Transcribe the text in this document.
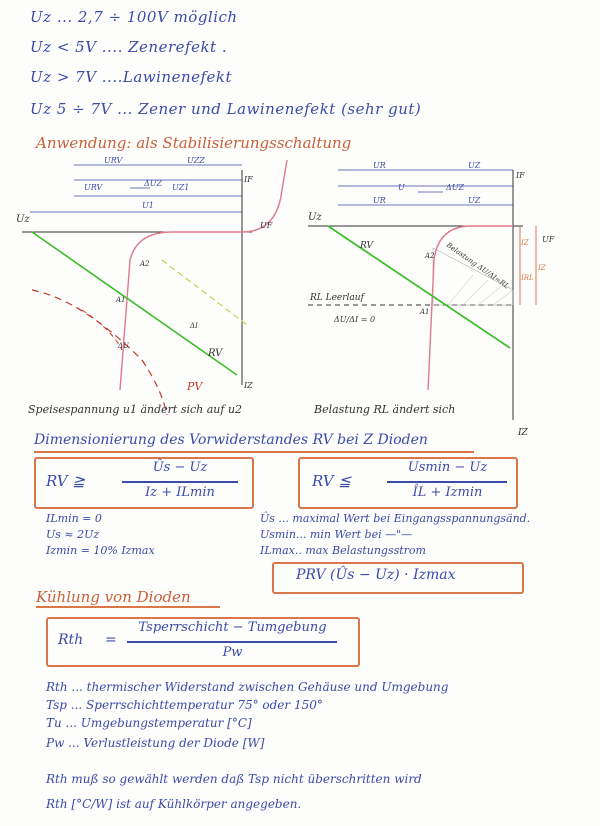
Uz ... 2,7 ÷ 100V möglich
Uz < 5V .... Zenerefekt .
Uz > 7V ....Lawinenefekt
Uz 5 ÷ 7V ... Zener und Lawinenefekt (sehr gut)
Anwendung: als Stabilisierungsschaltung
URV	UZZ
URV	ΔUZ UZ1
U1
IF
UF
A2
A1
ΔI
ΔU
RV
PV	IZ
Uz
Speisespannung u1 ändert sich auf u2
UR	UZ
U	ΔUZ
UR	UZ
IF
UF
IZ
IZ
IRL
RV
A2 Belastung ΔU/ΔI=RL
RL Leerlauf
ΔU/ΔI = 0
A1
Uz
IZ
Belastung RL ändert sich
Dimensionierung des Vorwiderstandes RV bei Z Dioden
RV ≧
Ûs − Uz
Iz + ILmin
RV ≦
Usmin − Uz
ÎL + Izmin
ILmin = 0
Us ≈ 2Uz
Izmin = 10% Izmax
Ûs ... maximal Wert bei Eingangsspannungsänd.
Usmin... min Wert bei —"—
ILmax.. max Belastungsstrom
PRV (Ûs − Uz) · Izmax
Kühlung von Dioden
Rth =
Tsperrschicht − Tumgebung
Pw
Rth ... thermischer Widerstand zwischen Gehäuse und Umgebung
Tsp ... Sperrschichttemperatur 75° oder 150°
Tu ... Umgebungstemperatur [°C]
Pw ... Verlustleistung der Diode [W]
Rth muß so gewählt werden daß Tsp nicht überschritten wird
Rth [°C/W] ist auf Kühlkörper angegeben.
